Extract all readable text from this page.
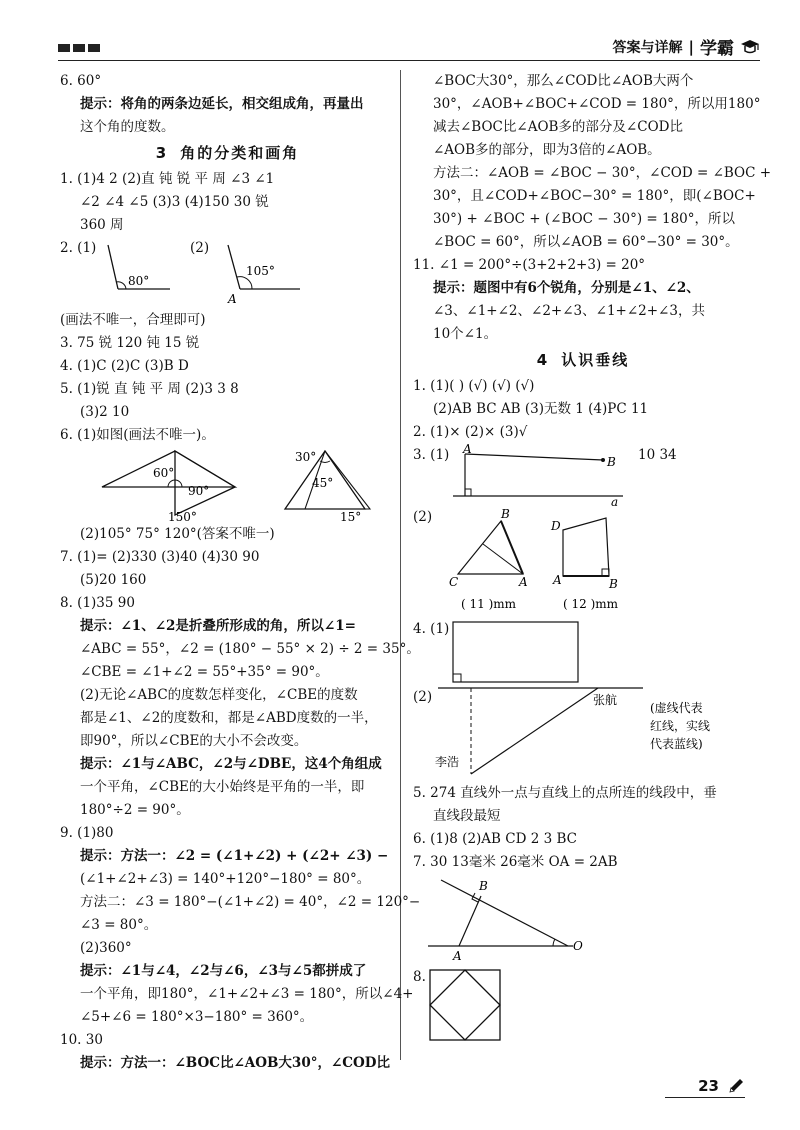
答案与详解 | 学霸
6. 60°
提示：将角的两条边延长，相交组成角，再量出
这个角的度数。
3 角的分类和画角
1. (1)4 2 (2)直 钝 锐 平 周 ∠3 ∠1
∠2 ∠4 ∠5 (3)3 (4)150 30 锐
360 周
2. (1)	(2)
80°
105°
A
(画法不唯一，合理即可)
3. 75 锐 120 钝 15 锐
4. (1)C (2)C (3)B D
5. (1)锐 直 钝 平 周 (2)3 3 8
(3)2 10
6. (1)如图(画法不唯一)。
60°
90°
150°
30°
45°
15°
(2)105° 75° 120°(答案不唯一)
7. (1)= (2)330 (3)40 (4)30 90
(5)20 160
8. (1)35 90
提示：∠1、∠2是折叠所形成的角，所以∠1=
∠ABC = 55°，∠2 = (180° − 55° × 2) ÷ 2 = 35°。
∠CBE = ∠1+∠2 = 55°+35° = 90°。
(2)无论∠ABC的度数怎样变化，∠CBE的度数
都是∠1、∠2的度数和，都是∠ABD度数的一半，
即90°，所以∠CBE的大小不会改变。
提示：∠1与∠ABC，∠2与∠DBE，这4个角组成
一个平角，∠CBE的大小始终是平角的一半，即
180°÷2 = 90°。
9. (1)80
提示：方法一：∠2 = (∠1+∠2) + (∠2+ ∠3) −
(∠1+∠2+∠3) = 140°+120°−180° = 80°。
方法二：∠3 = 180°−(∠1+∠2) = 40°，∠2 = 120°−
∠3 = 80°。
(2)360°
提示：∠1与∠4，∠2与∠6，∠3与∠5都拼成了
一个平角，即180°，∠1+∠2+∠3 = 180°，所以∠4+
∠5+∠6 = 180°×3−180° = 360°。
10. 30
提示：方法一：∠BOC比∠AOB大30°，∠COD比
∠BOC大30°，那么∠COD比∠AOB大两个
30°，∠AOB+∠BOC+∠COD = 180°，所以用180°
减去∠BOC比∠AOB多的部分及∠COD比
∠AOB多的部分，即为3倍的∠AOB。
方法二：∠AOB = ∠BOC − 30°，∠COD = ∠BOC +
30°，且∠COD+∠BOC−30° = 180°，即(∠BOC+
30°) + ∠BOC + (∠BOC − 30°) = 180°，所以
∠BOC = 60°，所以∠AOB = 60°−30° = 30°。
11. ∠1 = 200°÷(3+2+2+3) = 20°
提示：题图中有6个锐角，分别是∠1、∠2、
∠3、∠1+∠2、∠2+∠3、∠1+∠2+∠3，共
10个∠1。
4 认识垂线
1. (1)( ) (√) (√) (√)
(2)AB BC AB (3)无数 1 (4)PC 11
2. (1)× (2)× (3)√
3. (1)	10 34
A
B
a
(2)	B
C	A
D
A	B
( 11 )mm	( 12 )mm
4. (1)
(2)	张航
李浩
(虚线代表
红线，实线
代表蓝线)
5. 274 直线外一点与直线上的点所连的线段中，垂
直线段最短
6. (1)8 (2)AB CD 2 3 BC
7. 30 13毫米 26毫米 OA = 2AB
B
A
O
8.
23
